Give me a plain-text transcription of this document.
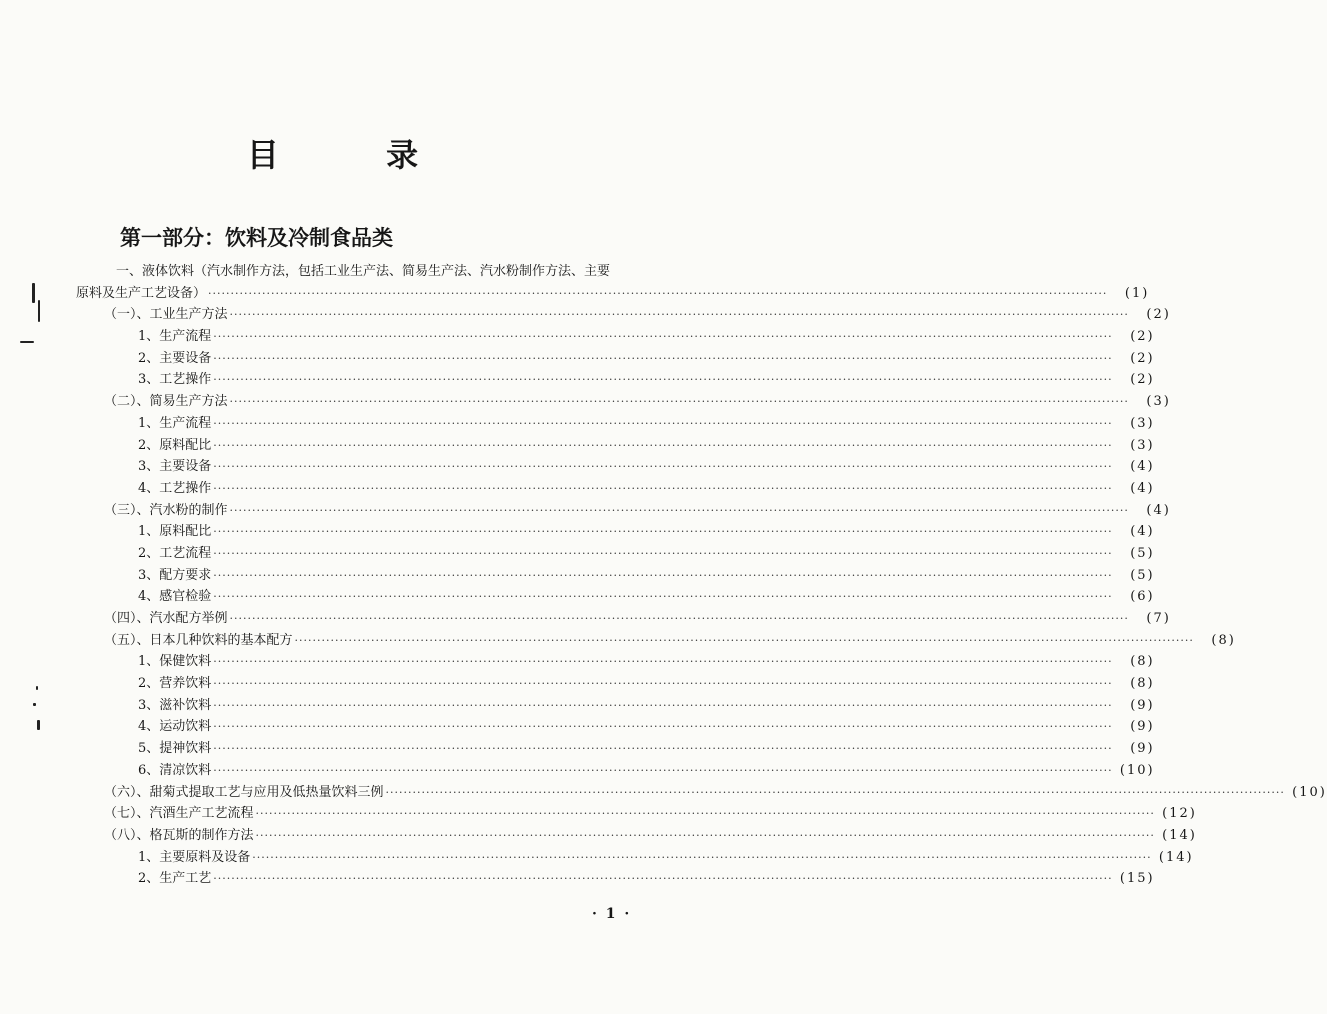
目 录
第一部分：饮料及冷制食品类
一、液体饮料（汽水制作方法，包括工业生产法、简易生产法、汽水粉制作方法、主要
原料及生产工艺设备） ········································································································································································································	(1)
（一）、工业生产方法 ········································································································································································································	(2)
1、生产流程 ········································································································································································································	(2)
2、主要设备 ········································································································································································································	(2)
3、工艺操作 ········································································································································································································	(2)
（二）、简易生产方法 ········································································································································································································	(3)
1、生产流程 ········································································································································································································	(3)
2、原料配比 ········································································································································································································	(3)
3、主要设备 ········································································································································································································	(4)
4、工艺操作 ········································································································································································································	(4)
（三）、汽水粉的制作 ········································································································································································································	(4)
1、原料配比 ········································································································································································································	(4)
2、工艺流程 ········································································································································································································	(5)
3、配方要求 ········································································································································································································	(5)
4、感官检验 ········································································································································································································	(6)
（四）、汽水配方举例 ········································································································································································································	(7)
（五）、日本几种饮料的基本配方 ········································································································································································································	(8)
1、保健饮料 ········································································································································································································	(8)
2、营养饮料 ········································································································································································································	(8)
3、滋补饮料 ········································································································································································································	(9)
4、运动饮料 ········································································································································································································	(9)
5、提神饮料 ········································································································································································································	(9)
6、清凉饮料 ········································································································································································································ (10)
（六）、甜菊式提取工艺与应用及低热量饮料三例 ········································································································································································································ (10)
（七）、汽酒生产工艺流程 ········································································································································································································ (12)
（八）、格瓦斯的制作方法 ········································································································································································································ (14)
1、主要原料及设备 ········································································································································································································ (14)
2、生产工艺 ········································································································································································································ (15)
· 1 ·
